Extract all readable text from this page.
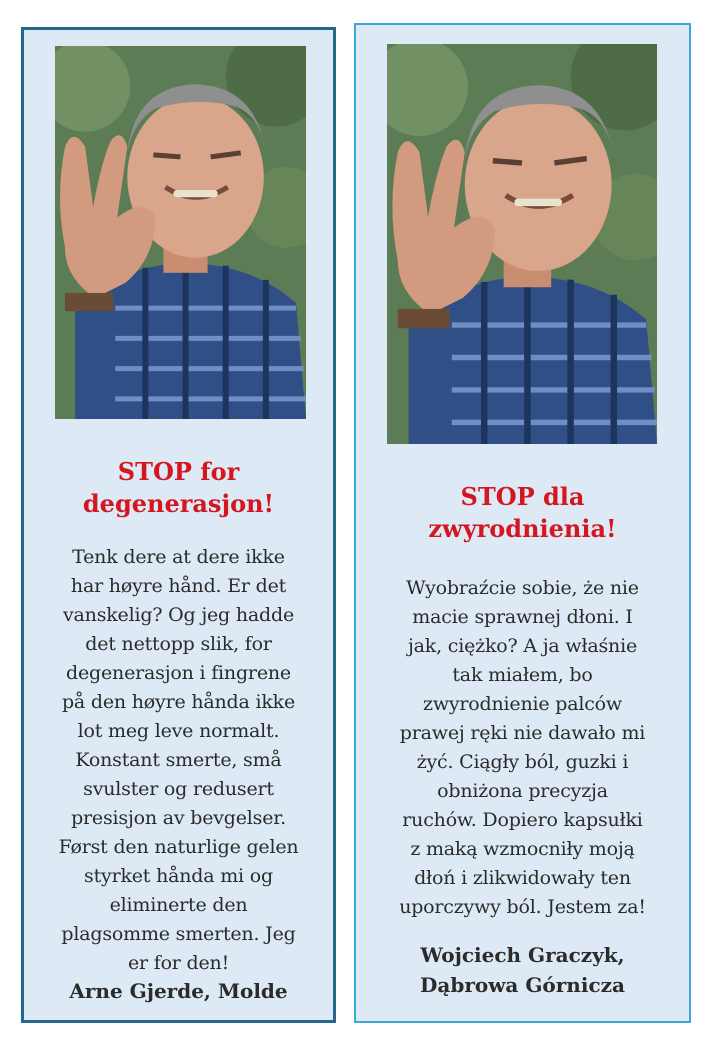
STOP for
degenerasjon!
Tenk dere at dere ikke
har høyre hånd. Er det
vanskelig? Og jeg hadde
det nettopp slik, for
degenerasjon i fingrene
på den høyre hånda ikke
lot meg leve normalt.
Konstant smerte, små
svulster og redusert
presisjon av bevgelser.
Først den naturlige gelen
styrket hånda mi og
eliminerte den
plagsomme smerten. Jeg
er for den!
Arne Gjerde, Molde
STOP dla
zwyrodnienia!
Wyobraźcie sobie, że nie
macie sprawnej dłoni. I
jak, ciężko? A ja właśnie
tak miałem, bo
zwyrodnienie palców
prawej ręki nie dawało mi
żyć. Ciągły ból, guzki i
obniżona precyzja
ruchów. Dopiero kapsułki
z maką wzmocniły moją
dłoń i zlikwidowały ten
uporczywy ból. Jestem za!
Wojciech Graczyk,
Dąbrowa Górnicza
